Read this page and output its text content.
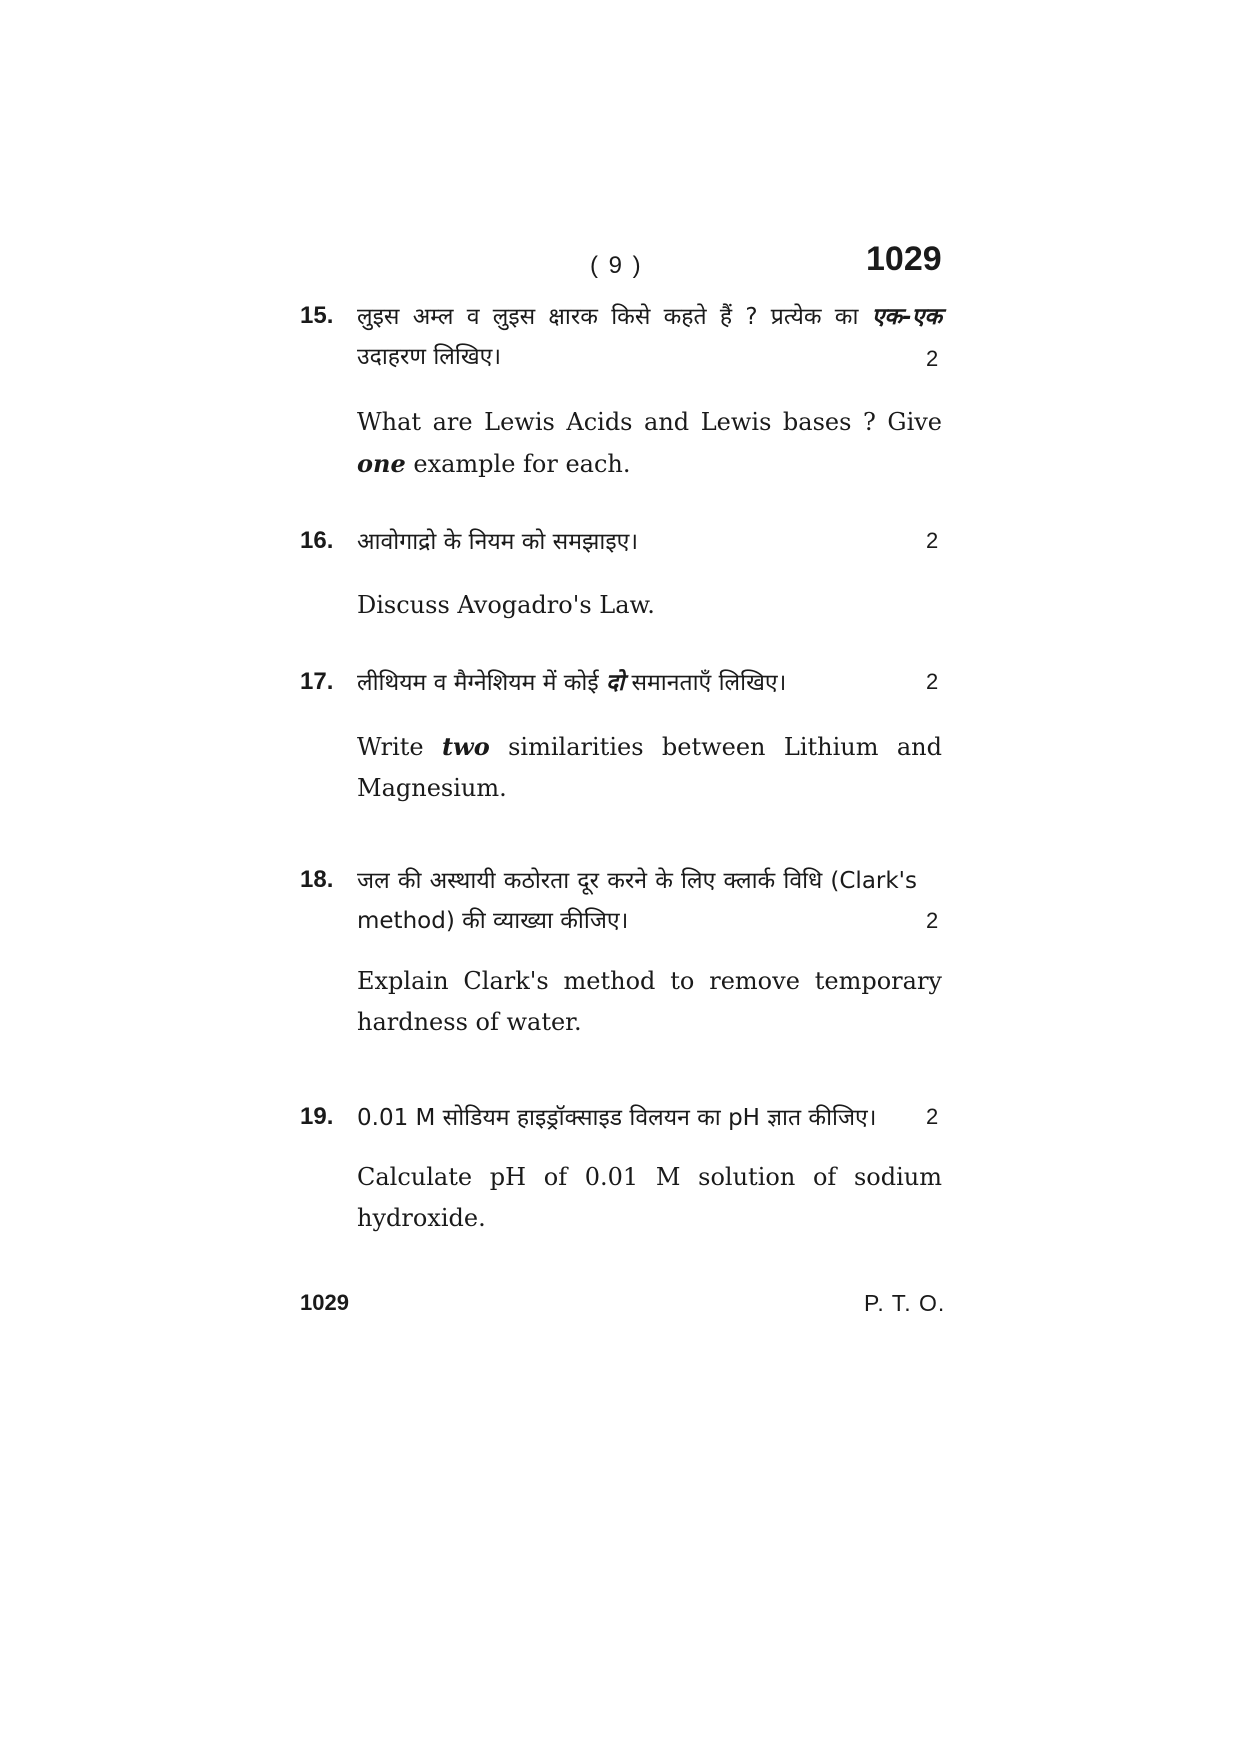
( 9 )	1029
15. लुइस अम्ल व लुइस क्षारक किसे कहते हैं ? प्रत्येक का एक-एक उदाहरण लिखिए।	2
What are Lewis Acids and Lewis bases ? Give one example for each.
16. आवोगाद्रो के नियम को समझाइए।	2
Discuss Avogadro's Law.
17. लीथियम व मैग्नेशियम में कोई दो समानताएँ लिखिए।	2
Write two similarities between Lithium and Magnesium.
18. जल की अस्थायी कठोरता दूर करने के लिए क्लार्क विधि (Clark's method) की व्याख्या कीजिए।	2
Explain Clark's method to remove temporary hardness of water.
19. 0.01 M सोडियम हाइड्रॉक्साइड विलयन का pH ज्ञात कीजिए।	2
Calculate pH of 0.01 M solution of sodium hydroxide.
1029	P. T. O.
